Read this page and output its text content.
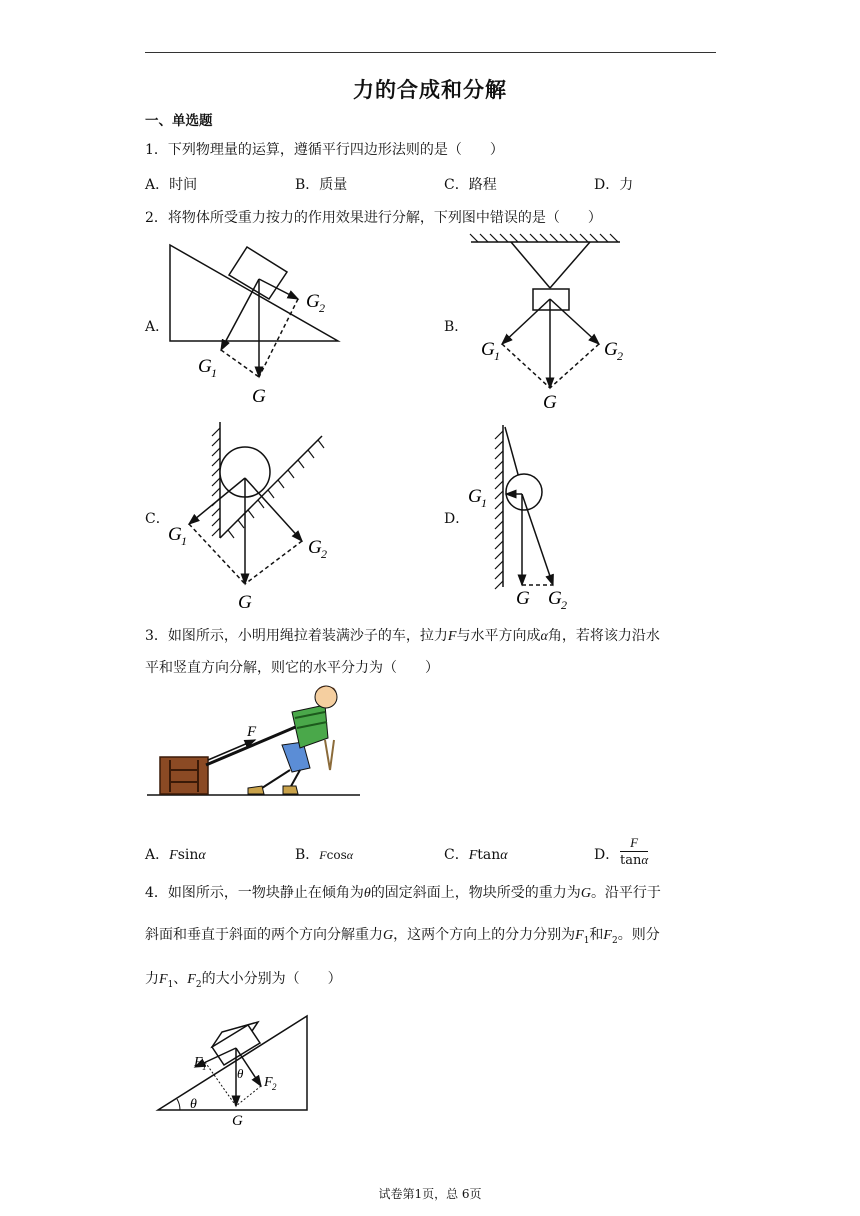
力的合成和分解
一、单选题
1．下列物理量的运算，遵循平行四边形法则的是（　　）
A．时间	B．质量	C．路程	D．力
2．将物体所受重力按力的作用效果进行分解，下列图中错误的是（　　）
A．	B．
C．	D．
G 2
G 1
G
G 1	G 2
G
G 1	G 2
G
G 1
G G 2
F
θ
θ
F 1
F 2
G
3．如图所示，小明用绳拉着装满沙子的车，拉力F与水平方向成α角，若将该力沿水
平和竖直方向分解，则它的水平分力为（　　）
A．Fsinα	B．Fcosα	C．Ftanα	D． $\frac{F}{\tan\alpha}$
4．如图所示，一物块静止在倾角为θ的固定斜面上，物块所受的重力为G。沿平行于
斜面和垂直于斜面的两个方向分解重力G，这两个方向上的分力分别为$F_1$和$F_2$。则分
力$F_1$、$F_2$的大小分别为（　　）
试卷第1页，总 6页
